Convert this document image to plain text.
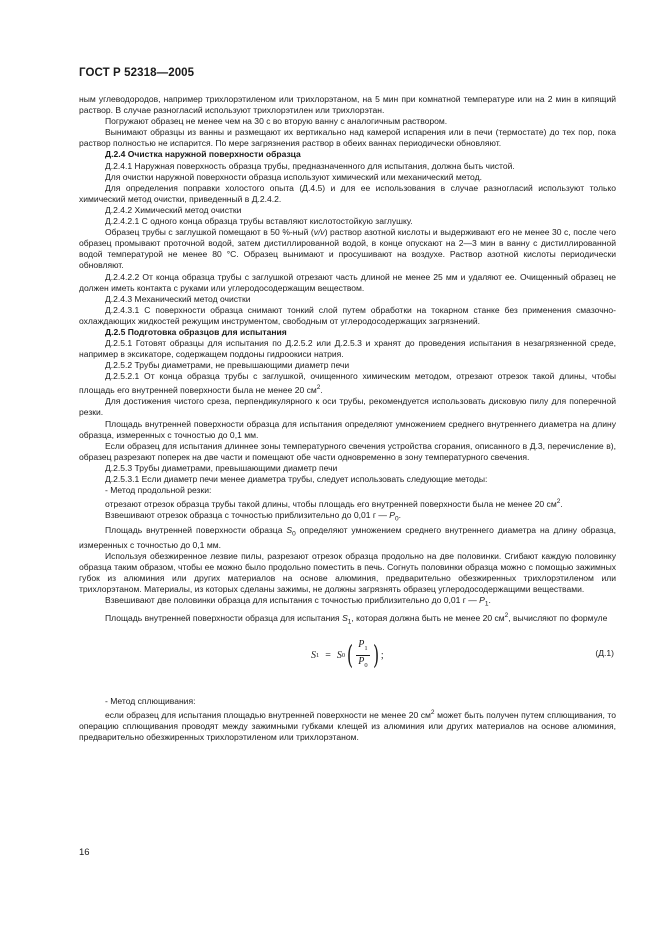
ГОСТ Р 52318—2005

ным углеводородов, например трихлорэтиленом или трихлорэтаном, на 5 мин при комнатной температуре или на 2 мин в кипящий раствор. В случае разногласий используют трихлорэтилен или трихлорэтан.

Погружают образец не менее чем на 30 с во вторую ванну с аналогичным раствором.

Вынимают образцы из ванны и размещают их вертикально над камерой испарения или в печи (термостате) до тех пор, пока раствор полностью не испарится. По мере загрязнения раствор в обеих ваннах периодически обновляют.

Д.2.4 Очистка наружной поверхности образца

Д.2.4.1 Наружная поверхность образца трубы, предназначенного для испытания, должна быть чистой.

Для очистки наружной поверхности образца используют химический или механический метод.

Для определения поправки холостого опыта (Д.4.5) и для ее использования в случае разногласий используют только химический метод очистки, приведенный в Д.2.4.2.

Д.2.4.2 Химический метод очистки

Д.2.4.2.1 С одного конца образца трубы вставляют кислотостойкую заглушку.

Образец трубы с заглушкой помещают в 50 %-ный (v/v) раствор азотной кислоты и выдерживают его не менее 30 с, после чего образец промывают проточной водой, затем дистиллированной водой, в конце опускают на 2—3 мин в ванну с дистиллированной водой температурой не менее 80 °С. Образец вынимают и просушивают на воздухе. Раствор азотной кислоты периодически обновляют.

Д.2.4.2.2 От конца образца трубы с заглушкой отрезают часть длиной не менее 25 мм и удаляют ее. Очищенный образец не должен иметь контакта с руками или углеродосодержащим веществом.

Д.2.4.3 Механический метод очистки

Д.2.4.3.1 С поверхности образца снимают тонкий слой путем обработки на токарном станке без применения смазочно-охлаждающих жидкостей режущим инструментом, свободным от углеродосодержащих загрязнений.

Д.2.5 Подготовка образцов для испытания

Д.2.5.1 Готовят образцы для испытания по Д.2.5.2 или Д.2.5.3 и хранят до проведения испытания в незагрязненной среде, например в эксикаторе, содержащем поддоны гидроокиси натрия.

Д.2.5.2 Трубы диаметрами, не превышающими диаметр печи

Д.2.5.2.1 От конца образца трубы с заглушкой, очищенного химическим методом, отрезают отрезок такой длины, чтобы площадь его внутренней поверхности была не менее 20 $см^2$.

Для достижения чистого среза, перпендикулярного к оси трубы, рекомендуется использовать дисковую пилу для поперечной резки.

Площадь внутренней поверхности образца для испытания определяют умножением среднего внутреннего диаметра на длину образца, измеренных с точностью до 0,1 мм.

Если образец для испытания длиннее зоны температурного свечения устройства сгорания, описанного в Д.3, перечисление в), образец разрезают поперек на две части и помещают обе части одновременно в зону температурного свечения.

Д.2.5.3 Трубы диаметрами, превышающими диаметр печи

Д.2.5.3.1 Если диаметр печи менее диаметра трубы, следует использовать следующие методы:

- Метод продольной резки:

отрезают отрезок образца трубы такой длины, чтобы площадь его внутренней поверхности была не менее 20 $см^2$.

Взвешивают отрезок образца с точностью приблизительно до 0,01 г — $P_0$.

Площадь внутренней поверхности образца $S_0$ определяют умножением среднего внутреннего диаметра на длину образца, измеренных с точностью до 0,1 мм.

Используя обезжиренное лезвие пилы, разрезают отрезок образца продольно на две половинки. Сгибают каждую половинку образца таким образом, чтобы ее можно было продольно поместить в печь. Согнуть половинки образца можно с помощью зажимных губок из алюминия или других материалов на основе алюминия, предварительно обезжиренных трихлорэтиленом или трихлорэтаном. Материалы, из которых сделаны зажимы, не должны загрязнять образец углеродосодержащими веществами.

Взвешивают две половинки образца для испытания с точностью приблизительно до 0,01 г — $P_1$.

Площадь внутренней поверхности образца для испытания $S_1$, которая должна быть не менее 20 $см^2$, вычисляют по формуле

S 1 = S 0 ( $\frac{P_1}{P_0}$ ) ;	(Д.1)

- Метод сплющивания:

если образец для испытания площадью внутренней поверхности не менее 20 $см^2$ может быть получен путем сплющивания, то операцию сплющивания проводят между зажимными губками клещей из алюминия или других материалов на основе алюминия, предварительно обезжиренных трихлорэтиленом или трихлорэтаном.

16
